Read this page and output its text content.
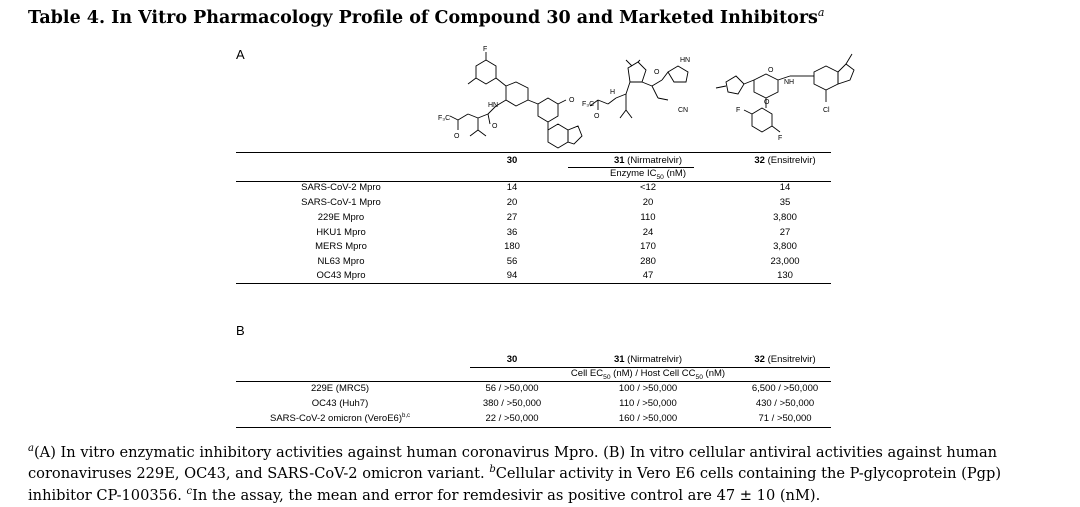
Table 4. In Vitro Pharmacology Profile of Compound 30 and Marketed Inhibitors$^a$
A	F
HN
F₃C
O
O
O
O
F₃C
O
H
HN
CN
NH
O
Cl
F
F
O
30	31 (Nirmatrelvir)	32 (Ensitrelvir)
Enzyme $IC_{50}$ (nM)
SARS-CoV-2 Mpro	14	<12	14
SARS-CoV-1 Mpro	20	20	35
229E Mpro	27	110	3,800
HKU1 Mpro	36	24	27
MERS Mpro	180	170	3,800
NL63 Mpro	56	280	23,000
OC43 Mpro	94	47	130
B
30	31 (Nirmatrelvir)	32 (Ensitrelvir)
Cell $EC_{50}$ (nM) / Host Cell $CC_{50}$ (nM)
229E (MRC5)	56 / >50,000	100 / >50,000	6,500 / >50,000
OC43 (Huh7)	380 / >50,000	110 / >50,000	430 / >50,000
SARS-CoV-2 omicron (VeroE6)$^{b,c}$	22 / >50,000	160 / >50,000	71 / >50,000
$^a$(A) In vitro enzymatic inhibitory activities against human coronavirus Mpro. (B) In vitro cellular antiviral activities against human coronaviruses 229E, OC43, and SARS-CoV-2 omicron variant. $^b$Cellular activity in Vero E6 cells containing the P-glycoprotein (Pgp) inhibitor CP-100356. $^c$In the assay, the mean and error for remdesivir as positive control are 47 ± 10 (nM).
